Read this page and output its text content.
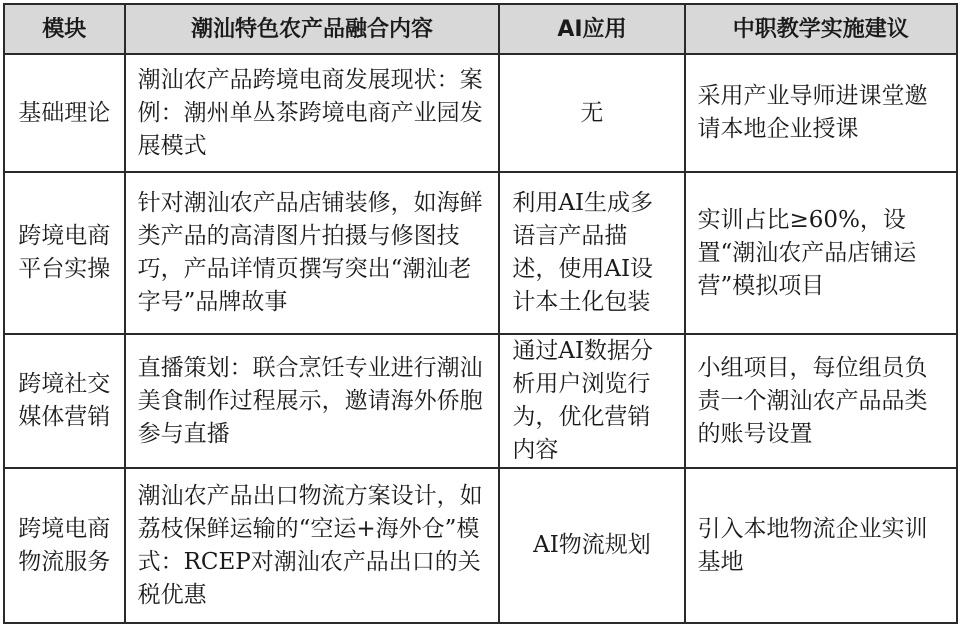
模块	潮汕特色农产品融合内容	AI应用	中职教学实施建议
基础理论	潮汕农产品跨境电商发展现状：案例：潮州单丛茶跨境电商产业园发展模式	无	采用产业导师进课堂邀请本地企业授课
跨境电商平台实操	针对潮汕农产品店铺装修，如海鲜类产品的高清图片拍摄与修图技巧，产品详情页撰写突出“潮汕老字号”品牌故事	利用AI生成多语言产品描述，使用AI设计本土化包装	实训占比≥60%，设置“潮汕农产品店铺运营”模拟项目
跨境社交媒体营销	直播策划：联合烹饪专业进行潮汕美食制作过程展示，邀请海外侨胞参与直播	通过AI数据分析用户浏览行为，优化营销内容	小组项目，每位组员负责一个潮汕农产品品类的账号设置
跨境电商物流服务	潮汕农产品出口物流方案设计，如荔枝保鲜运输的“空运+海外仓”模式：RCEP对潮汕农产品出口的关税优惠	AI物流规划	引入本地物流企业实训基地
